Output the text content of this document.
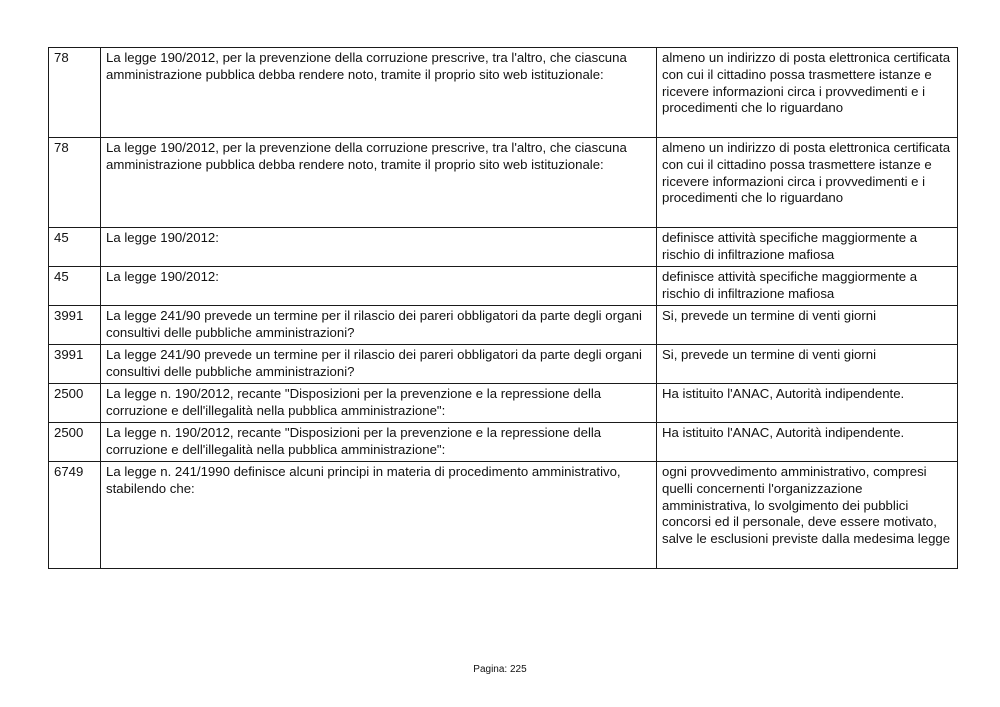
78	La legge 190/2012, per la prevenzione della corruzione prescrive, tra l'altro, che ciascuna amministrazione pubblica debba rendere noto, tramite il proprio sito web istituzionale:	almeno un indirizzo di posta elettronica certificata con cui il cittadino possa trasmettere istanze e ricevere informazioni circa i provvedimenti e i procedimenti che lo riguardano
78	La legge 190/2012, per la prevenzione della corruzione prescrive, tra l'altro, che ciascuna amministrazione pubblica debba rendere noto, tramite il proprio sito web istituzionale:	almeno un indirizzo di posta elettronica certificata con cui il cittadino possa trasmettere istanze e ricevere informazioni circa i provvedimenti e i procedimenti che lo riguardano
45	La legge 190/2012:	definisce attività specifiche maggiormente a rischio di infiltrazione mafiosa
45	La legge 190/2012:	definisce attività specifiche maggiormente a rischio di infiltrazione mafiosa
3991	La legge 241/90 prevede un termine per il rilascio dei pareri obbligatori da parte degli organi consultivi delle pubbliche amministrazioni?	Si, prevede un termine di venti giorni
3991	La legge 241/90 prevede un termine per il rilascio dei pareri obbligatori da parte degli organi consultivi delle pubbliche amministrazioni?	Si, prevede un termine di venti giorni
2500	La legge n. 190/2012, recante "Disposizioni per la prevenzione e la repressione della corruzione e dell'illegalità nella pubblica amministrazione":	Ha istituito l'ANAC, Autorità indipendente.
2500	La legge n. 190/2012, recante "Disposizioni per la prevenzione e la repressione della corruzione e dell'illegalità nella pubblica amministrazione":	Ha istituito l'ANAC, Autorità indipendente.
6749	La legge n. 241/1990 definisce alcuni principi in materia di procedimento amministrativo, stabilendo che:	ogni provvedimento amministrativo, compresi quelli concernenti l'organizzazione amministrativa, lo svolgimento dei pubblici concorsi ed il personale, deve essere motivato, salve le esclusioni previste dalla medesima legge
Pagina: 225
